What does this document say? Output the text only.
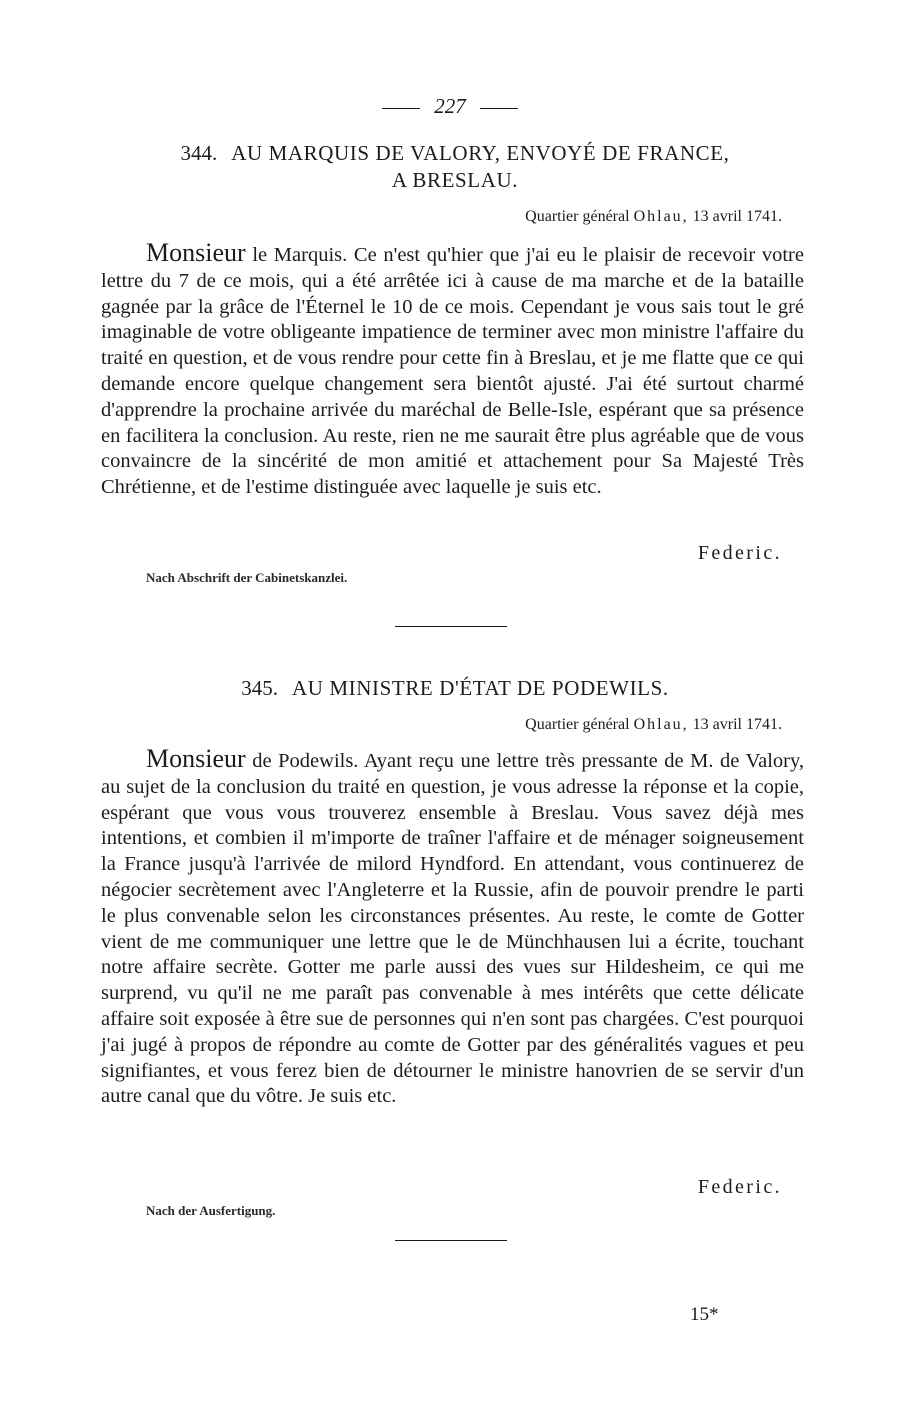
227
344. AU MARQUIS DE VALORY, ENVOYÉ DE FRANCE,
A BRESLAU.
Quartier général Ohlau, 13 avril 1741.

Monsieur le Marquis. Ce n'est qu'hier que j'ai eu le plaisir de recevoir votre lettre du 7 de ce mois, qui a été arrêtée ici à cause de ma marche et de la bataille gagnée par la grâce de l'Éternel le 10 de ce mois. Cependant je vous sais tout le gré imaginable de votre obligeante impatience de terminer avec mon ministre l'affaire du traité en question, et de vous rendre pour cette fin à Breslau, et je me flatte que ce qui demande encore quelque changement sera bientôt ajusté. J'ai été surtout charmé d'apprendre la prochaine arrivée du maréchal de Belle-Isle, espérant que sa présence en facilitera la conclusion. Au reste, rien ne me saurait être plus agréable que de vous convaincre de la sincérité de mon amitié et attachement pour Sa Majesté Très Chrétienne, et de l'estime distinguée avec laquelle je suis etc.

Federic.
Nach Abschrift der Cabinetskanzlei.
345. AU MINISTRE D'ÉTAT DE PODEWILS.
Quartier général Ohlau, 13 avril 1741.

Monsieur de Podewils. Ayant reçu une lettre très pressante de M. de Valory, au sujet de la conclusion du traité en question, je vous adresse la réponse et la copie, espérant que vous vous trouverez ensemble à Breslau. Vous savez déjà mes intentions, et combien il m'importe de traîner l'affaire et de ménager soigneusement la France jusqu'à l'arrivée de milord Hyndford. En attendant, vous continuerez de négocier secrètement avec l'Angleterre et la Russie, afin de pouvoir prendre le parti le plus convenable selon les circonstances présentes. Au reste, le comte de Gotter vient de me communiquer une lettre que le de Münchhausen lui a écrite, touchant notre affaire secrète. Gotter me parle aussi des vues sur Hildesheim, ce qui me surprend, vu qu'il ne me paraît pas convenable à mes intérêts que cette délicate affaire soit exposée à être sue de personnes qui n'en sont pas chargées. C'est pourquoi j'ai jugé à propos de répondre au comte de Gotter par des généralités vagues et peu signifiantes, et vous ferez bien de détourner le ministre hanovrien de se servir d'un autre canal que du vôtre. Je suis etc.

Federic.
Nach der Ausfertigung.
15*
